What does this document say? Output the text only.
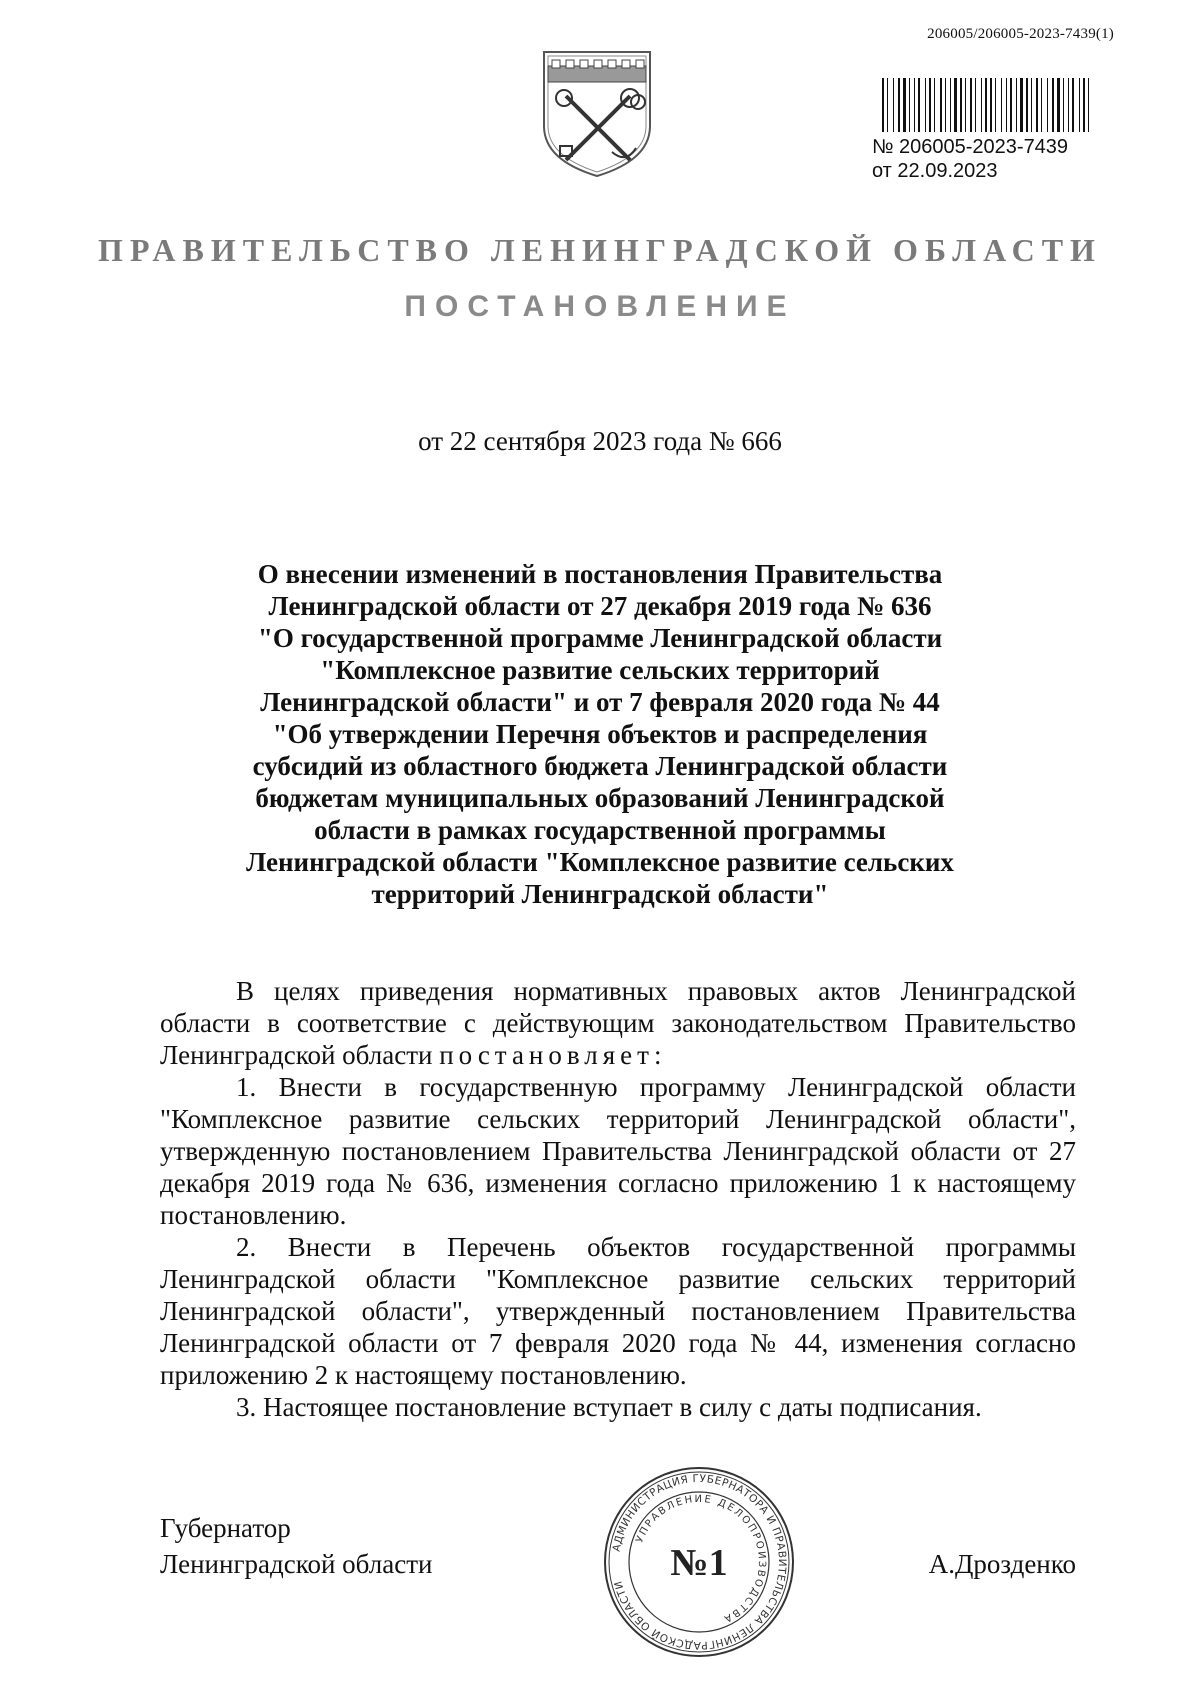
206005/206005-2023-7439(1)
№ 206005-2023-7439
от 22.09.2023
ПРАВИТЕЛЬСТВО ЛЕНИНГРАДСКОЙ ОБЛАСТИ
ПОСТАНОВЛЕНИЕ
от 22 сентября 2023 года № 666
О внесении изменений в постановления Правительства
Ленинградской области от 27 декабря 2019 года № 636
"О государственной программе Ленинградской области
"Комплексное развитие сельских территорий
Ленинградской области" и от 7 февраля 2020 года № 44
"Об утверждении Перечня объектов и распределения
субсидий из областного бюджета Ленинградской области
бюджетам муниципальных образований Ленинградской
области в рамках государственной программы
Ленинградской области "Комплексное развитие сельских
территорий Ленинградской области"

В целях приведения нормативных правовых актов Ленинградской области в соответствие с действующим законодательством Правительство Ленинградской области постановляет:

1. Внести в государственную программу Ленинградской области "Комплексное развитие сельских территорий Ленинградской области", утвержденную постановлением Правительства Ленинградской области от 27 декабря 2019 года № 636, изменения согласно приложению 1 к настоящему постановлению.

2. Внести в Перечень объектов государственной программы Ленинградской области "Комплексное развитие сельских территорий Ленинградской области", утвержденный постановлением Правительства Ленинградской области от 7 февраля 2020 года № 44, изменения согласно приложению 2 к настоящему постановлению.

3. Настоящее постановление вступает в силу с даты подписания.

Губернатор
Ленинградской области	А.Дрозденко
АДМИНИСТРАЦИЯ ГУБЕРНАТОРА И ПРАВИТЕЛЬСТВА ЛЕНИНГРАДСКОЙ ОБЛАСТИ
УПРАВЛЕНИЕ ДЕЛОПРОИЗВОДСТВА
№1
